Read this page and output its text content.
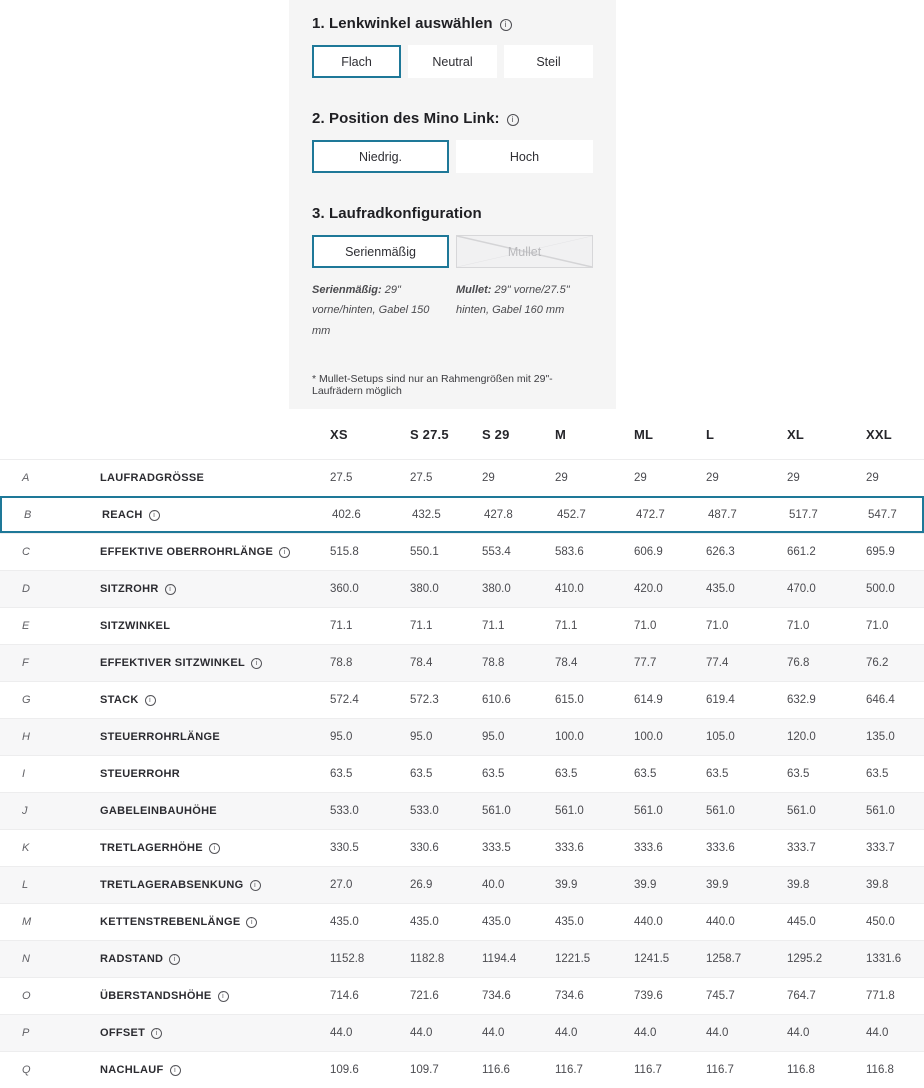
1. Lenkwinkel auswählen i
Flach	Neutral	Steil
2. Position des Mino Link: i
Niedrig.	Hoch
3. Laufradkonfiguration
Serienmäßig	Mullet
Serienmäßig: 29" vorne/hinten, Gabel 150 mm
Mullet: 29" vorne/27.5" hinten, Gabel 160 mm
* Mullet-Setups sind nur an Rahmengrößen mit 29"-Laufrädern möglich
XS	S 27.5	S 29	M	ML	L	XL	XXL
A	LAUFRADGRÖSSE	27.5	27.5	29	29	29	29	29	29
B	REACH i	402.6	432.5	427.8	452.7	472.7	487.7	517.7	547.7
C	EFFEKTIVE OBERROHRLÄNGE i	515.8	550.1	553.4	583.6	606.9	626.3	661.2	695.9
D	SITZROHR i	360.0	380.0	380.0	410.0	420.0	435.0	470.0	500.0
E	SITZWINKEL	71.1	71.1	71.1	71.1	71.0	71.0	71.0	71.0
F	EFFEKTIVER SITZWINKEL i	78.8	78.4	78.8	78.4	77.7	77.4	76.8	76.2
G	STACK i	572.4	572.3	610.6	615.0	614.9	619.4	632.9	646.4
H	STEUERROHRLÄNGE	95.0	95.0	95.0	100.0	100.0	105.0	120.0	135.0
I	STEUERROHR	63.5	63.5	63.5	63.5	63.5	63.5	63.5	63.5
J	GABELEINBAUHÖHE	533.0	533.0	561.0	561.0	561.0	561.0	561.0	561.0
K	TRETLAGERHÖHE i	330.5	330.6	333.5	333.6	333.6	333.6	333.7	333.7
L	TRETLAGERABSENKUNG i	27.0	26.9	40.0	39.9	39.9	39.9	39.8	39.8
M	KETTENSTREBENLÄNGE i	435.0	435.0	435.0	435.0	440.0	440.0	445.0	450.0
N	RADSTAND i	1152.8	1182.8	1194.4	1221.5	1241.5	1258.7	1295.2	1331.6
O	ÜBERSTANDSHÖHE i	714.6	721.6	734.6	734.6	739.6	745.7	764.7	771.8
P	OFFSET i	44.0	44.0	44.0	44.0	44.0	44.0	44.0	44.0
Q	NACHLAUF i	109.6	109.7	116.6	116.7	116.7	116.7	116.8	116.8
